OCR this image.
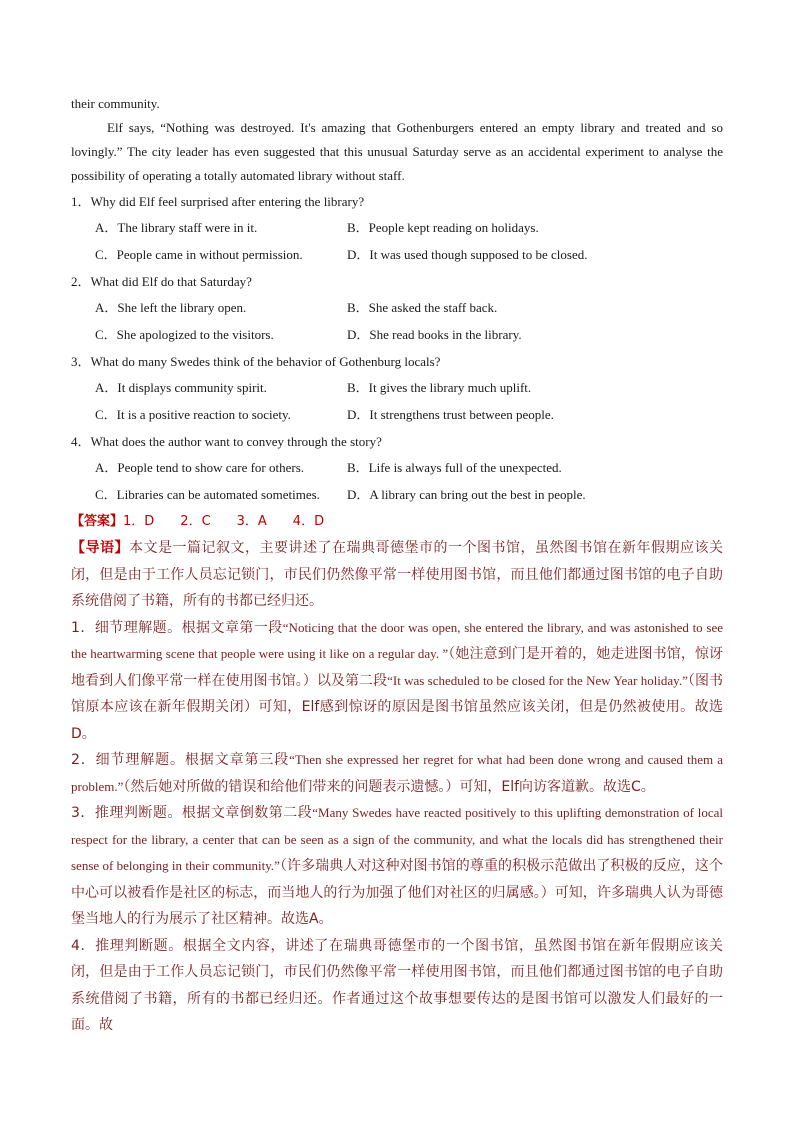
their community.
Elf says, “Nothing was destroyed. It's amazing that Gothenburgers entered an empty library and treated and so lovingly.” The city leader has even suggested that this unusual Saturday serve as an accidental experiment to analyse the possibility of operating a totally automated library without staff.
1．Why did Elf feel surprised after entering the library?
A．The library staff were in it.	B．People kept reading on holidays.
C．People came in without permission.	D．It was used though supposed to be closed.
2．What did Elf do that Saturday?
A．She left the library open.	B．She asked the staff back.
C．She apologized to the visitors.	D．She read books in the library.
3．What do many Swedes think of the behavior of Gothenburg locals?
A．It displays community spirit.	B．It gives the library much uplift.
C．It is a positive reaction to society.	D．It strengthens trust between people.
4．What does the author want to convey through the story?
A．People tend to show care for others.	B．Life is always full of the unexpected.
C．Libraries can be automated sometimes.	D．A library can bring out the best in people.
【答案】1．D　　2．C　　3．A　　4．D
【导语】本文是一篇记叙文，主要讲述了在瑞典哥德堡市的一个图书馆，虽然图书馆在新年假期应该关闭，但是由于工作人员忘记锁门，市民们仍然像平常一样使用图书馆，而且他们都通过图书馆的电子自助系统借阅了书籍，所有的书都已经归还。
1．细节理解题。根据文章第一段“Noticing that the door was open, she entered the library, and was astonished to see the heartwarming scene that people were using it like on a regular day. ”（她注意到门是开着的，她走进图书馆，惊讶地看到人们像平常一样在使用图书馆。）以及第二段“It was scheduled to be closed for the New Year holiday.”（图书馆原本应该在新年假期关闭）可知，Elf感到惊讶的原因是图书馆虽然应该关闭，但是仍然被使用。故选D。
2．细节理解题。根据文章第三段“Then she expressed her regret for what had been done wrong and caused them a problem.”（然后她对所做的错误和给他们带来的问题表示遗憾。）可知，Elf向访客道歉。故选C。
3．推理判断题。根据文章倒数第二段“Many Swedes have reacted positively to this uplifting demonstration of local respect for the library, a center that can be seen as a sign of the community, and what the locals did has strengthened their sense of belonging in their community.”（许多瑞典人对这种对图书馆的尊重的积极示范做出了积极的反应，这个中心可以被看作是社区的标志，而当地人的行为加强了他们对社区的归属感。）可知，许多瑞典人认为哥德堡当地人的行为展示了社区精神。故选A。
4．推理判断题。根据全文内容，讲述了在瑞典哥德堡市的一个图书馆，虽然图书馆在新年假期应该关闭，但是由于工作人员忘记锁门，市民们仍然像平常一样使用图书馆，而且他们都通过图书馆的电子自助系统借阅了书籍，所有的书都已经归还。作者通过这个故事想要传达的是图书馆可以激发人们最好的一面。故
